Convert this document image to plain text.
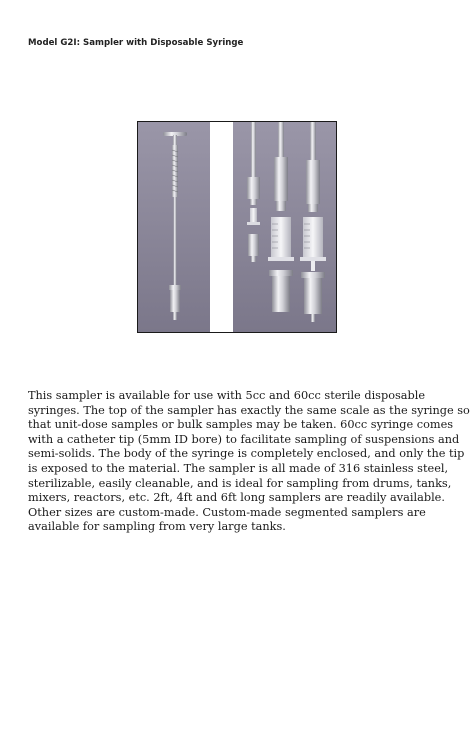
Model G2I: Sampler with Disposable Syringe

This sampler is available for use with 5cc and 60cc sterile disposable
syringes. The top of the sampler has exactly the same scale as the syringe so
that unit-dose samples or bulk samples may be taken. 60cc syringe comes
with a catheter tip (5mm ID bore) to facilitate sampling of suspensions and
semi-solids. The body of the syringe is completely enclosed, and only the tip
is exposed to the material. The sampler is all made of 316 stainless steel,
sterilizable, easily cleanable, and is ideal for sampling from drums, tanks,
mixers, reactors, etc. 2ft, 4ft and 6ft long samplers are readily available.
Other sizes are custom-made. Custom-made segmented samplers are
available for sampling from very large tanks.
